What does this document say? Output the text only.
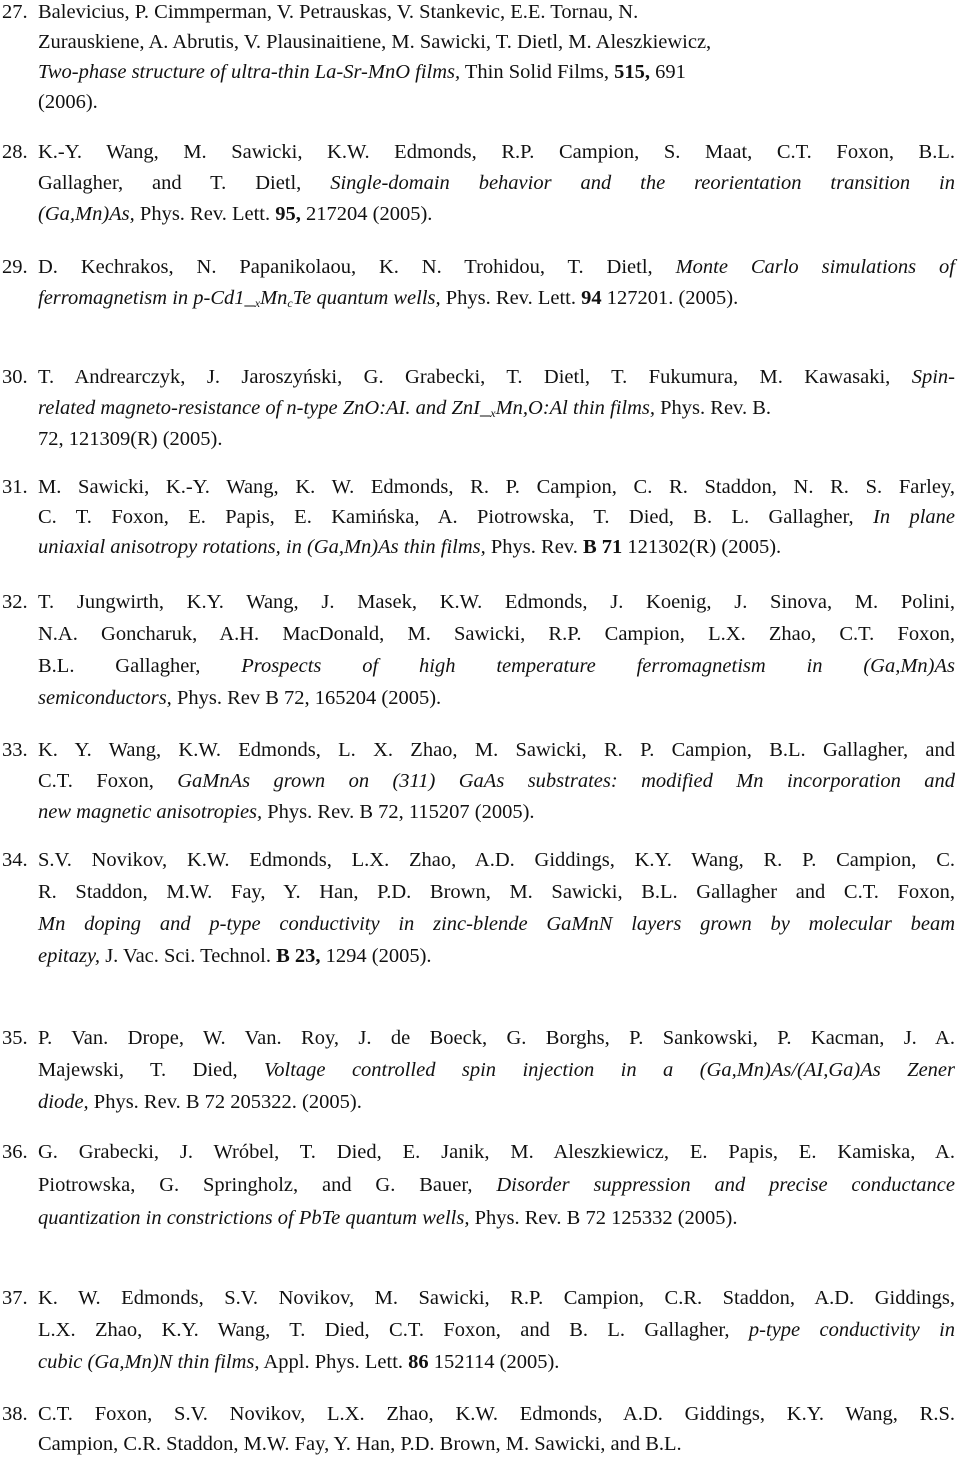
27. Balevicius, P. Cimmperman, V. Petrauskas, V. Stankevic, E.E. Tornau, N.
Zurauskiene, A. Abrutis, V. Plausinaitiene, M. Sawicki, T. Dietl, M. Aleszkiewicz,
Two-phase structure of ultra-thin La-Sr-MnO films, Thin Solid Films, 515, 691
(2006).
28. K.-Y. Wang, M. Sawicki, K.W. Edmonds, R.P. Campion, S. Maat, C.T. Foxon, B.L.
Gallagher, and T. Dietl, Single-domain behavior and the reorientation transition in
(Ga,Mn)As, Phys. Rev. Lett. 95, 217204 (2005).
29. D. Kechrakos, N. Papanikolaou, K. N. Trohidou, T. Dietl, Monte Carlo simulations of
ferromagnetism in $p-Cd1\__xMn_cTe$ quantum wells, Phys. Rev. Lett. 94 127201. (2005).
30. T. Andrearczyk, J. Jaroszyński, G. Grabecki, T. Dietl, T. Fukumura, M. Kawasaki, Spin-
related magneto-resistance of n-type ZnO:AI. and $ZnI\__xMn,O:Al$ thin films, Phys. Rev. B.
72, 121309(R) (2005).
31. M. Sawicki, K.-Y. Wang, K. W. Edmonds, R. P. Campion, C. R. Staddon, N. R. S. Farley,
C. T. Foxon, E. Papis, E. Kamińska, A. Piotrowska, T. Died, B. L. Gallagher, In plane
uniaxial anisotropy rotations, in (Ga,Mn)As thin films, Phys. Rev. B 71 121302(R) (2005).
32. T. Jungwirth, K.Y. Wang, J. Masek, K.W. Edmonds, J. Koenig, J. Sinova, M. Polini,
N.A. Goncharuk, A.H. MacDonald, M. Sawicki, R.P. Campion, L.X. Zhao, C.T. Foxon,
B.L. Gallagher, Prospects of high temperature ferromagnetism in (Ga,Mn)As
semiconductors, Phys. Rev B 72, 165204 (2005).
33. K. Y. Wang, K.W. Edmonds, L. X. Zhao, M. Sawicki, R. P. Campion, B.L. Gallagher, and
C.T. Foxon, GaMnAs grown on (311) GaAs substrates: modified Mn incorporation and
new magnetic anisotropies, Phys. Rev. B 72, 115207 (2005).
34. S.V. Novikov, K.W. Edmonds, L.X. Zhao, A.D. Giddings, K.Y. Wang, R. P. Campion, C.
R. Staddon, M.W. Fay, Y. Han, P.D. Brown, M. Sawicki, B.L. Gallagher and C.T. Foxon,
Mn doping and p-type conductivity in zinc-blende GaMnN layers grown by molecular beam
epitazy, J. Vac. Sci. Technol. B 23, 1294 (2005).
35. P. Van. Drope, W. Van. Roy, J. de Boeck, G. Borghs, P. Sankowski, P. Kacman, J. A.
Majewski, T. Died, Voltage controlled spin injection in a (Ga,Mn)As/(AI,Ga)As Zener
diode, Phys. Rev. B 72 205322. (2005).
36. G. Grabecki, J. Wróbel, T. Died, E. Janik, M. Aleszkiewicz, E. Papis, E. Kamiska, A.
Piotrowska, G. Springholz, and G. Bauer, Disorder suppression and precise conductance
quantization in constrictions of PbTe quantum wells, Phys. Rev. B 72 125332 (2005).
37. K. W. Edmonds, S.V. Novikov, M. Sawicki, R.P. Campion, C.R. Staddon, A.D. Giddings,
L.X. Zhao, K.Y. Wang, T. Died, C.T. Foxon, and B. L. Gallagher, p-type conductivity in
cubic (Ga,Mn)N thin films, Appl. Phys. Lett. 86 152114 (2005).
38. C.T. Foxon, S.V. Novikov, L.X. Zhao, K.W. Edmonds, A.D. Giddings, K.Y. Wang, R.S.
Campion, C.R. Staddon, M.W. Fay, Y. Han, P.D. Brown, M. Sawicki, and B.L.
